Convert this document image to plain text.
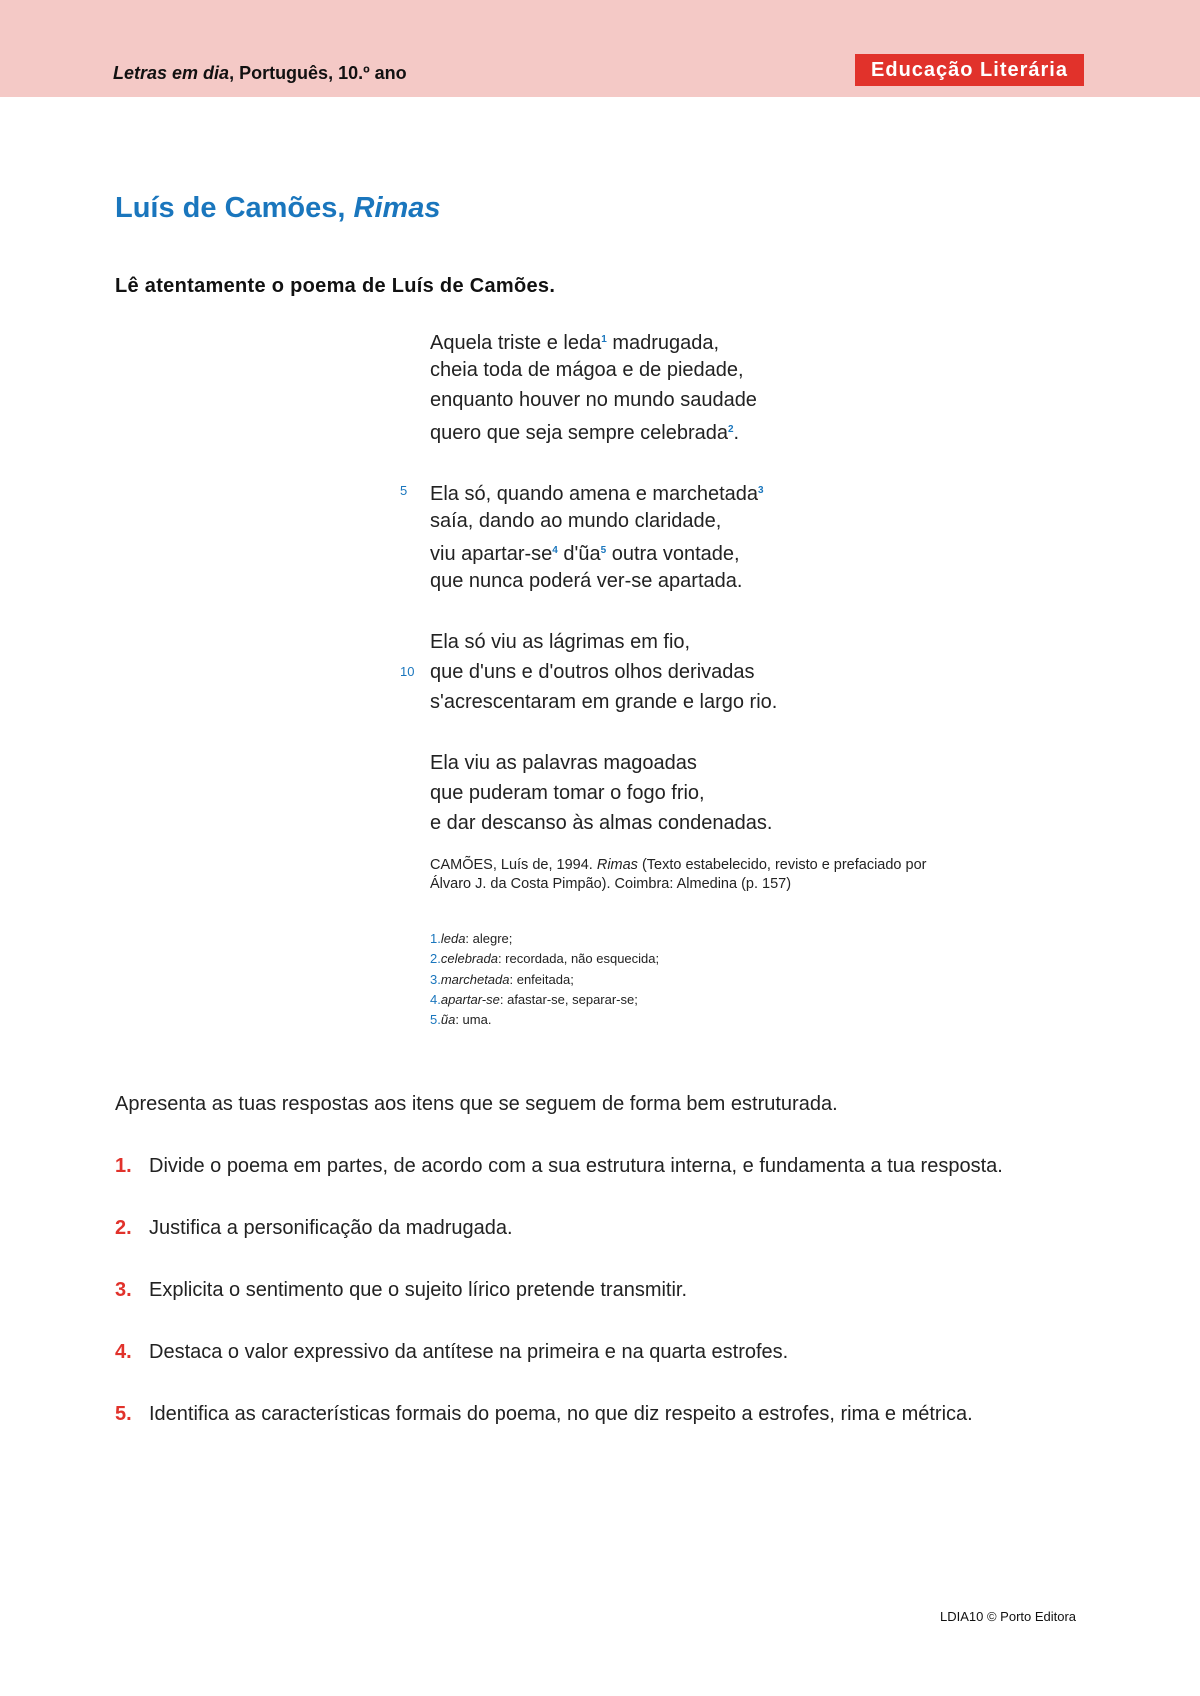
Letras em dia, Português, 10.º ano	Educação Literária
Luís de Camões, Rimas
Lê atentamente o poema de Luís de Camões.
Aquela triste e leda$^1$ madrugada,
cheia toda de mágoa e de piedade,
enquanto houver no mundo saudade
quero que seja sempre celebrada$^2$.
5 Ela só, quando amena e marchetada$^3$
saía, dando ao mundo claridade,
viu apartar-$se^4$ $d'ũa^5$ outra vontade,
que nunca poderá ver-se apartada.
Ela só viu as lágrimas em fio,
10 que d'uns e d'outros olhos derivadas
s'acrescentaram em grande e largo rio.
Ela viu as palavras magoadas
que puderam tomar o fogo frio,
e dar descanso às almas condenadas.
CAMÕES, Luís de, 1994. Rimas (Texto estabelecido, revisto e prefaciado por
Álvaro J. da Costa Pimpão). Coimbra: Almedina (p. 157)
1.leda: alegre;
2.celebrada: recordada, não esquecida;
3.marchetada: enfeitada;
4.apartar-se: afastar-se, separar-se;
5.ũa: uma.
Apresenta as tuas respostas aos itens que se seguem de forma bem estruturada.
1. Divide o poema em partes, de acordo com a sua estrutura interna, e fundamenta a tua resposta.
2. Justifica a personificação da madrugada.
3. Explicita o sentimento que o sujeito lírico pretende transmitir.
4. Destaca o valor expressivo da antítese na primeira e na quarta estrofes.
5. Identifica as características formais do poema, no que diz respeito a estrofes, rima e métrica.
LDIA10 © Porto Editora
